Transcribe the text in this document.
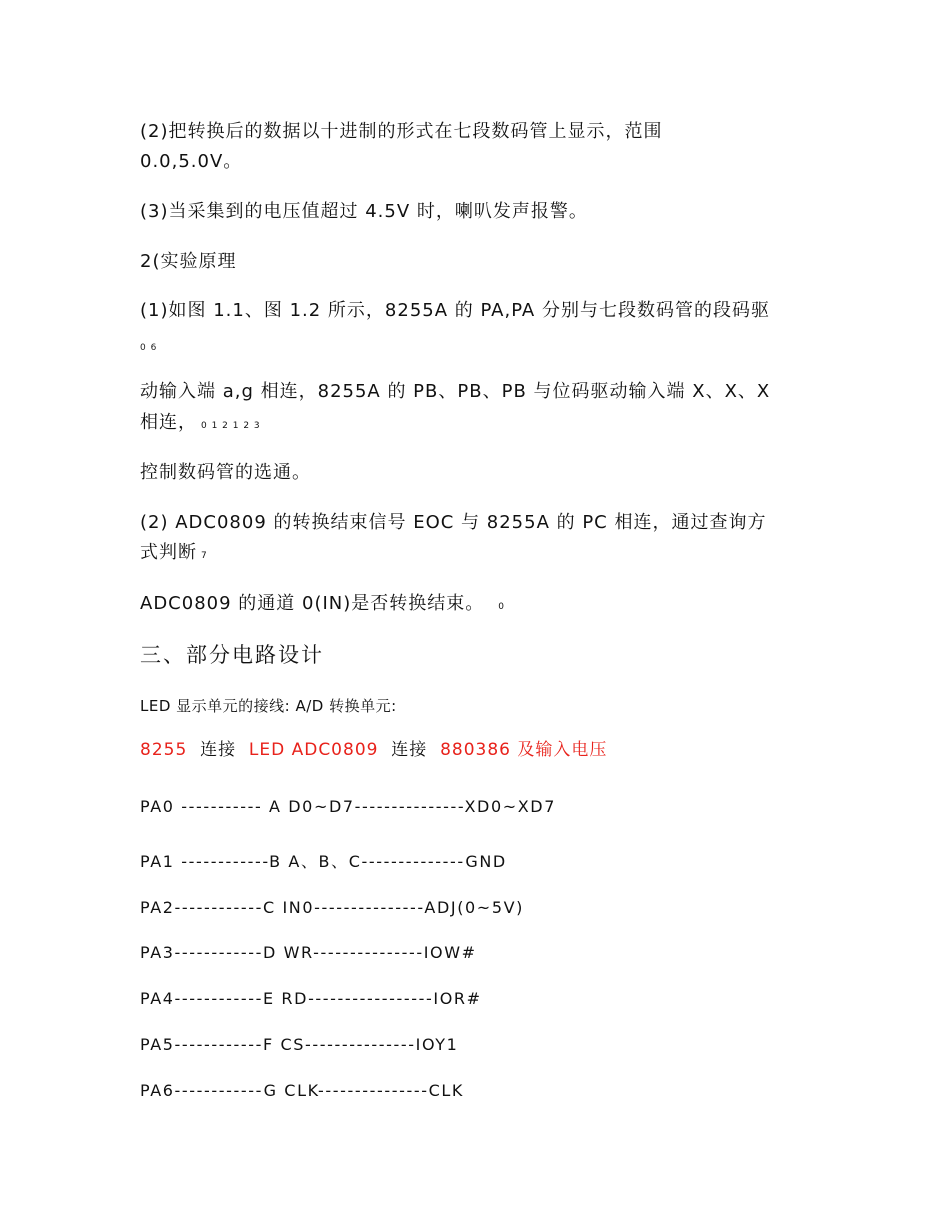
(2)把转换后的数据以十进制的形式在七段数码管上显示，范围
0.0,5.0V。
(3)当采集到的电压值超过 4.5V 时，喇叭发声报警。
2(实验原理
(1)如图 1.1、图 1.2 所示，8255A 的 PA,PA 分别与七段数码管的段码驱
0 6
动输入端 a,g 相连，8255A 的 PB、PB、PB 与位码驱动输入端 X、X、X
相连， 0 1 2 1 2 3
控制数码管的选通。
(2) ADC0809 的转换结束信号 EOC 与 8255A 的 PC 相连，通过查询方
式判断 7
ADC0809 的通道 0(IN)是否转换结束。 0
三、部分电路设计
LED 显示单元的接线: A/D 转换单元:
8255 连接 LED ADC0809 连接 880386 及输入电压
PA0 ----------- A D0~D7---------------XD0~XD7
PA1 ------------B A、B、C--------------GND
PA2------------C IN0---------------ADJ(0~5V)
PA3------------D WR---------------IOW#
PA4------------E RD-----------------IOR#
PA5------------F CS---------------IOY1
PA6------------G CLK---------------CLK
